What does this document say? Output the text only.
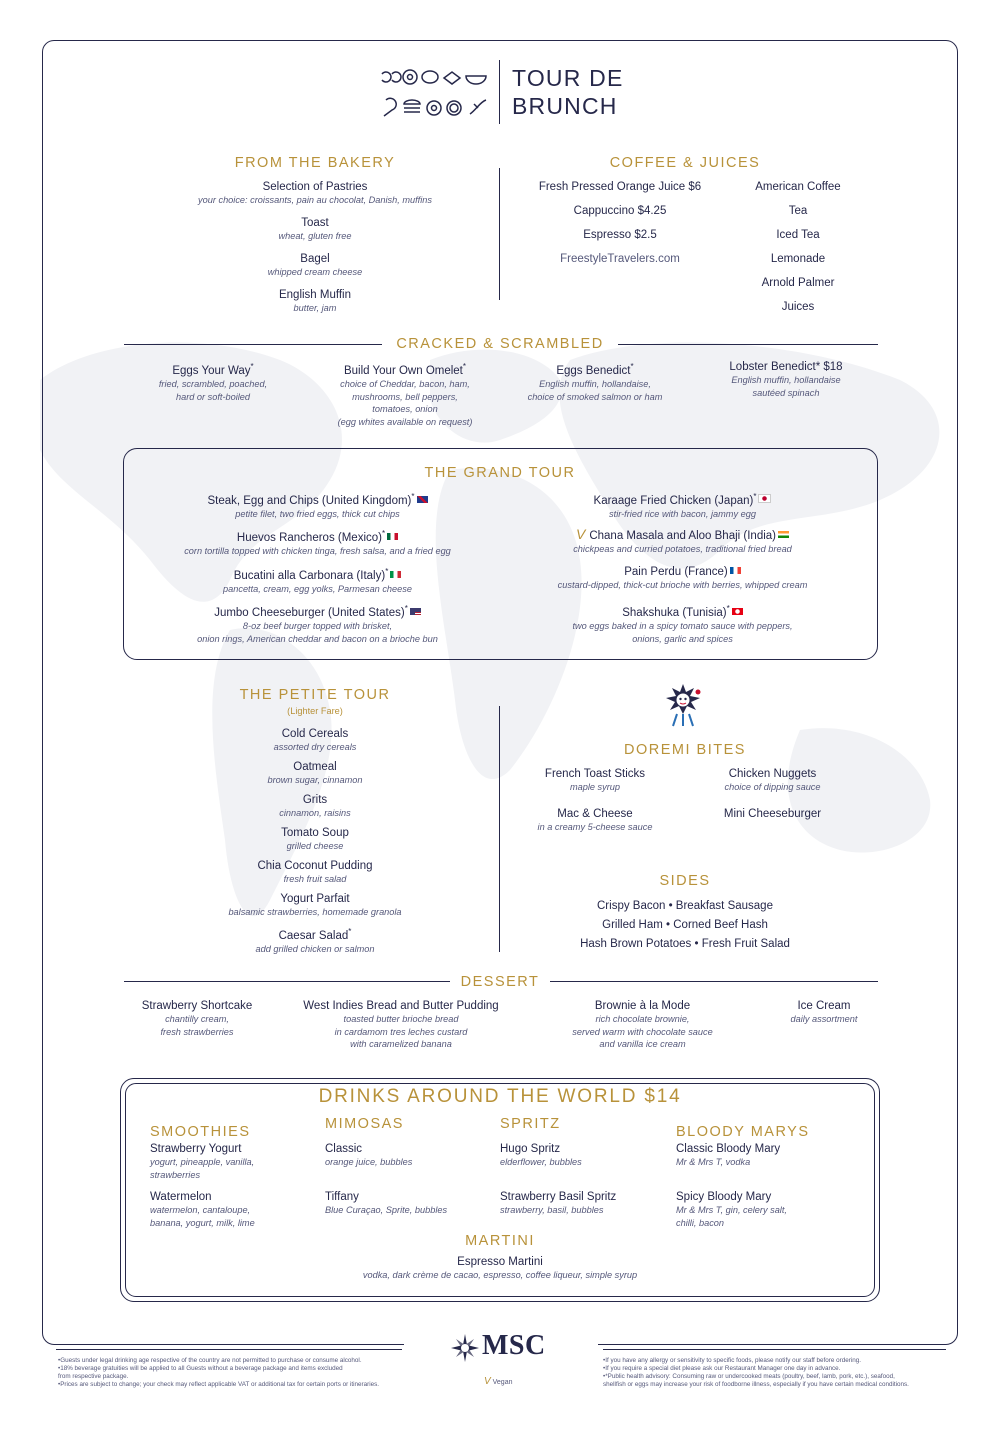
TOUR DE
BRUNCH
FROM THE BAKERY
Selection of Pastries
your choice: croissants, pain au chocolat, Danish, muffins
Toast
wheat, gluten free
Bagel
whipped cream cheese
English Muffin
butter, jam
COFFEE & JUICES
Fresh Pressed Orange Juice $6
Cappuccino $4.25
Espresso $2.5
FreestyleTravelers.com
American Coffee
Tea
Iced Tea
Lemonade
Arnold Palmer
Juices
CRACKED & SCRAMBLED
Eggs Your Way*
fried, scrambled, poached,
hard or soft-boiled
Build Your Own Omelet*
choice of Cheddar, bacon, ham,
mushrooms, bell peppers,
tomatoes, onion
(egg whites available on request)
Eggs Benedict*
English muffin, hollandaise,
choice of smoked salmon or ham
Lobster Benedict* $18
English muffin, hollandaise
sautéed spinach
THE GRAND TOUR
Steak, Egg and Chips (United Kingdom)*
petite filet, two fried eggs, thick cut chips
Huevos Rancheros (Mexico)*
corn tortilla topped with chicken tinga, fresh salsa, and a fried egg
Bucatini alla Carbonara (Italy)*
pancetta, cream, egg yolks, Parmesan cheese
Jumbo Cheeseburger (United States)*
8-oz beef burger topped with brisket,
onion rings, American cheddar and bacon on a brioche bun
Karaage Fried Chicken (Japan)*
stir-fried rice with bacon, jammy egg
V Chana Masala and Aloo Bhaji (India)
chickpeas and curried potatoes, traditional fried bread
Pain Perdu (France)
custard-dipped, thick-cut brioche with berries, whipped cream
Shakshuka (Tunisia)*
two eggs baked in a spicy tomato sauce with peppers,
onions, garlic and spices
THE PETITE TOUR
(Lighter Fare)
Cold Cereals
assorted dry cereals
Oatmeal
brown sugar, cinnamon
Grits
cinnamon, raisins
Tomato Soup
grilled cheese
Chia Coconut Pudding
fresh fruit salad
Yogurt Parfait
balsamic strawberries, homemade granola
Caesar Salad*
add grilled chicken or salmon
DOREMI BITES
French Toast Sticks
maple syrup
Chicken Nuggets
choice of dipping sauce
Mac & Cheese
in a creamy 5-cheese sauce
Mini Cheeseburger
SIDES
Crispy Bacon • Breakfast Sausage
Grilled Ham • Corned Beef Hash
Hash Brown Potatoes • Fresh Fruit Salad
DESSERT
Strawberry Shortcake
chantilly cream,
fresh strawberries
West Indies Bread and Butter Pudding
toasted butter brioche bread
in cardamom tres leches custard
with caramelized banana
Brownie à la Mode
rich chocolate brownie,
served warm with chocolate sauce
and vanilla ice cream
Ice Cream
daily assortment
DRINKS AROUND THE WORLD $14
SMOOTHIES
Strawberry Yogurt
yogurt, pineapple, vanilla,
strawberries
Watermelon
watermelon, cantaloupe,
banana, yogurt, milk, lime
MIMOSAS
Classic
orange juice, bubbles
Tiffany
Blue Curaçao, Sprite, bubbles
SPRITZ
Hugo Spritz
elderflower, bubbles
Strawberry Basil Spritz
strawberry, basil, bubbles
BLOODY MARYS
Classic Bloody Mary
Mr & Mrs T, vodka
Spicy Bloody Mary
Mr & Mrs T, gin, celery salt,
chilli, bacon
MARTINI
Espresso Martini
vodka, dark crème de cacao, espresso, coffee liqueur, simple syrup
MSC
V Vegan
•Guests under legal drinking age respective of the country are not permitted to purchase or consume alcohol.
•18% beverage gratuities will be applied to all Guests without a beverage package and items excluded
from respective package.
•Prices are subject to change; your check may reflect applicable VAT or additional tax for certain ports or itineraries.
•If you have any allergy or sensitivity to specific foods, please notify our staff before ordering.
•If you require a special diet please ask our Restaurant Manager one day in advance.
•*Public health advisory: Consuming raw or undercooked meats (poultry, beef, lamb, pork, etc.), seafood,
shellfish or eggs may increase your risk of foodborne illness, especially if you have certain medical conditions.
